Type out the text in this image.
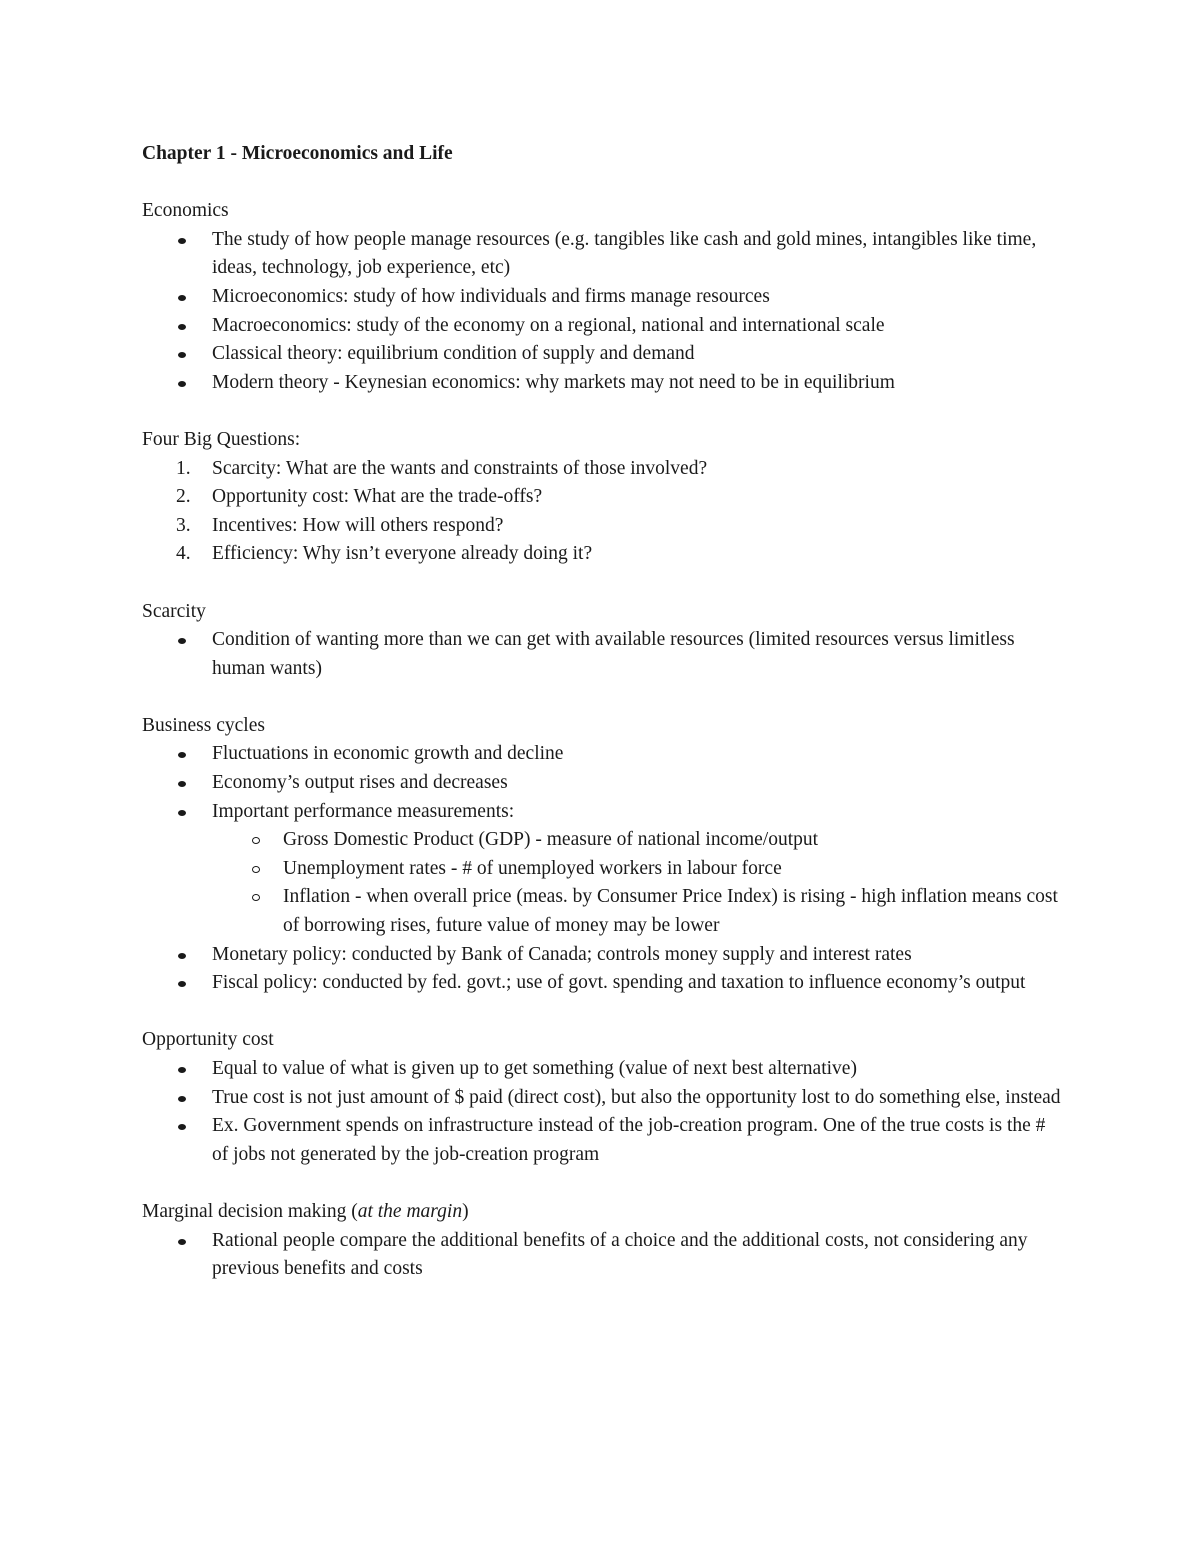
Chapter 1 - Microeconomics and Life

Economics

The study of how people manage resources (e.g. tangibles like cash and gold mines, intangibles like time, ideas, technology, job experience, etc)
Microeconomics: study of how individuals and firms manage resources
Macroeconomics: study of the economy on a regional, national and international scale
Classical theory: equilibrium condition of supply and demand
Modern theory - Keynesian economics: why markets may not need to be in equilibrium

Four Big Questions:

1. Scarcity: What are the wants and constraints of those involved?
2. Opportunity cost: What are the trade-offs?
3. Incentives: How will others respond?
4. Efficiency: Why isn’t everyone already doing it?

Scarcity

Condition of wanting more than we can get with available resources (limited resources versus limitless human wants)

Business cycles

Fluctuations in economic growth and decline
Economy’s output rises and decreases
Important performance measurements:
Gross Domestic Product (GDP) - measure of national income/output
Unemployment rates - # of unemployed workers in labour force
Inflation - when overall price (meas. by Consumer Price Index) is rising - high inflation means cost of borrowing rises, future value of money may be lower
Monetary policy: conducted by Bank of Canada; controls money supply and interest rates
Fiscal policy: conducted by fed. govt.; use of govt. spending and taxation to influence economy’s output

Opportunity cost

Equal to value of what is given up to get something (value of next best alternative)
True cost is not just amount of $ paid (direct cost), but also the opportunity lost to do something else, instead
Ex. Government spends on infrastructure instead of the job-creation program. One of the true costs is the # of jobs not generated by the job-creation program

Marginal decision making (at the margin)

Rational people compare the additional benefits of a choice and the additional costs, not considering any previous benefits and costs
